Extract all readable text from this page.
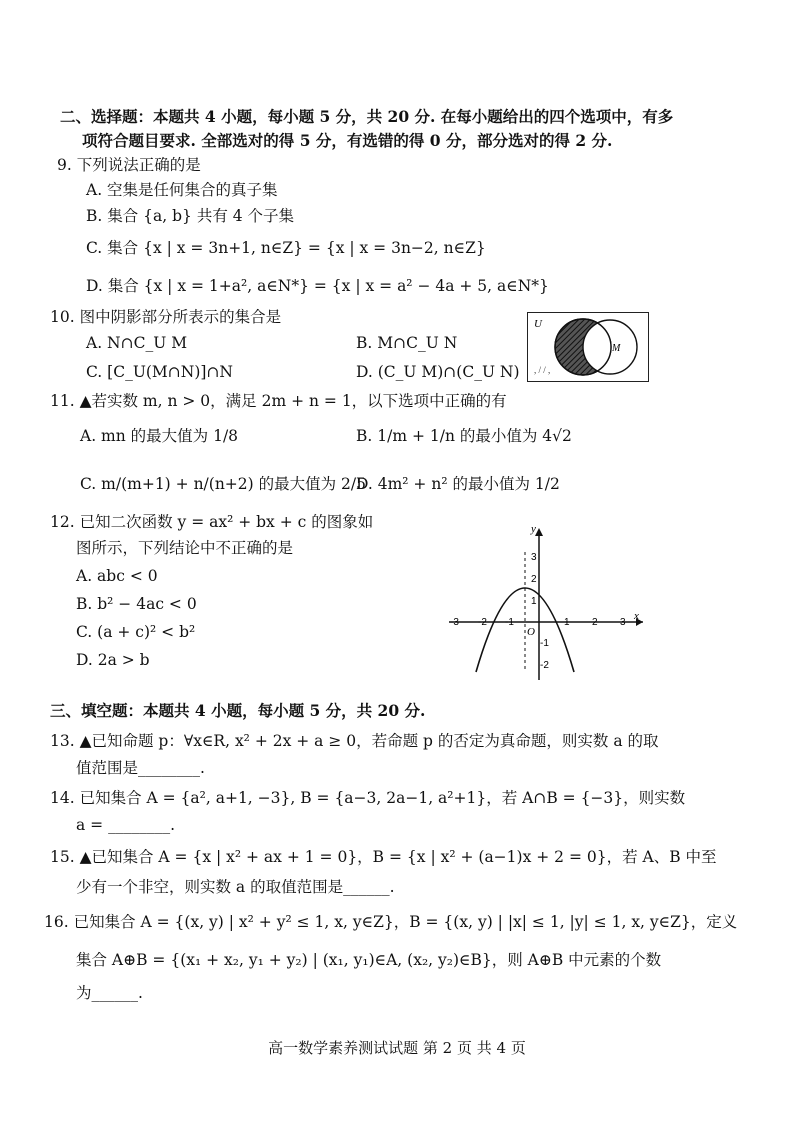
二、选择题：本题共 4 小题，每小题 5 分，共 20 分. 在每小题给出的四个选项中，有多
项符合题目要求. 全部选对的得 5 分，有选错的得 0 分，部分选对的得 2 分.
9. 下列说法正确的是
A. 空集是任何集合的真子集
B. 集合 {a, b} 共有 4 个子集
C. 集合 {x | x = 3n+1, n∈Z} = {x | x = 3n−2, n∈Z}
D. 集合 {x | x = 1+a², a∈N*} = {x | x = a² − 4a + 5, a∈N*}
10. 图中阴影部分所表示的集合是
A. N∩C_U M	B. M∩C_U N
C. [C_U(M∩N)]∩N	D. (C_U M)∩(C_U N)
U
M
, / / ,
11. ▲若实数 m, n > 0，满足 2m + n = 1，以下选项中正确的有
A. mn 的最大值为 1/8	B. 1/m + 1/n 的最小值为 4√2
C. m/(m+1) + n/(n+2) 的最大值为 2/5
D. 4m² + n² 的最小值为 1/2
12. 已知二次函数 y = ax² + bx + c 的图象如
图所示，下列结论中不正确的是
A. abc < 0
B. b² − 4ac < 0
C. (a + c)² < b²
D. 2a > b
y
x
O
-3 -2 -1	1 2 3
3
2
1
-1
-2
三、填空题：本题共 4 小题，每小题 5 分，共 20 分.
13. ▲已知命题 p：∀x∈R, x² + 2x + a ≥ 0，若命题 p 的否定为真命题，则实数 a 的取
值范围是________.
14. 已知集合 A = {a², a+1, −3}, B = {a−3, 2a−1, a²+1}，若 A∩B = {−3}，则实数
a = ________.
15. ▲已知集合 A = {x | x² + ax + 1 = 0}，B = {x | x² + (a−1)x + 2 = 0}，若 A、B 中至
少有一个非空，则实数 a 的取值范围是______.
16. 已知集合 A = {(x, y) | x² + y² ≤ 1, x, y∈Z}，B = {(x, y) | |x| ≤ 1, |y| ≤ 1, x, y∈Z}，定义
集合 A⊕B = {(x₁ + x₂, y₁ + y₂) | (x₁, y₁)∈A, (x₂, y₂)∈B}，则 A⊕B 中元素的个数
为______.
高一数学素养测试试题 第 2 页 共 4 页
